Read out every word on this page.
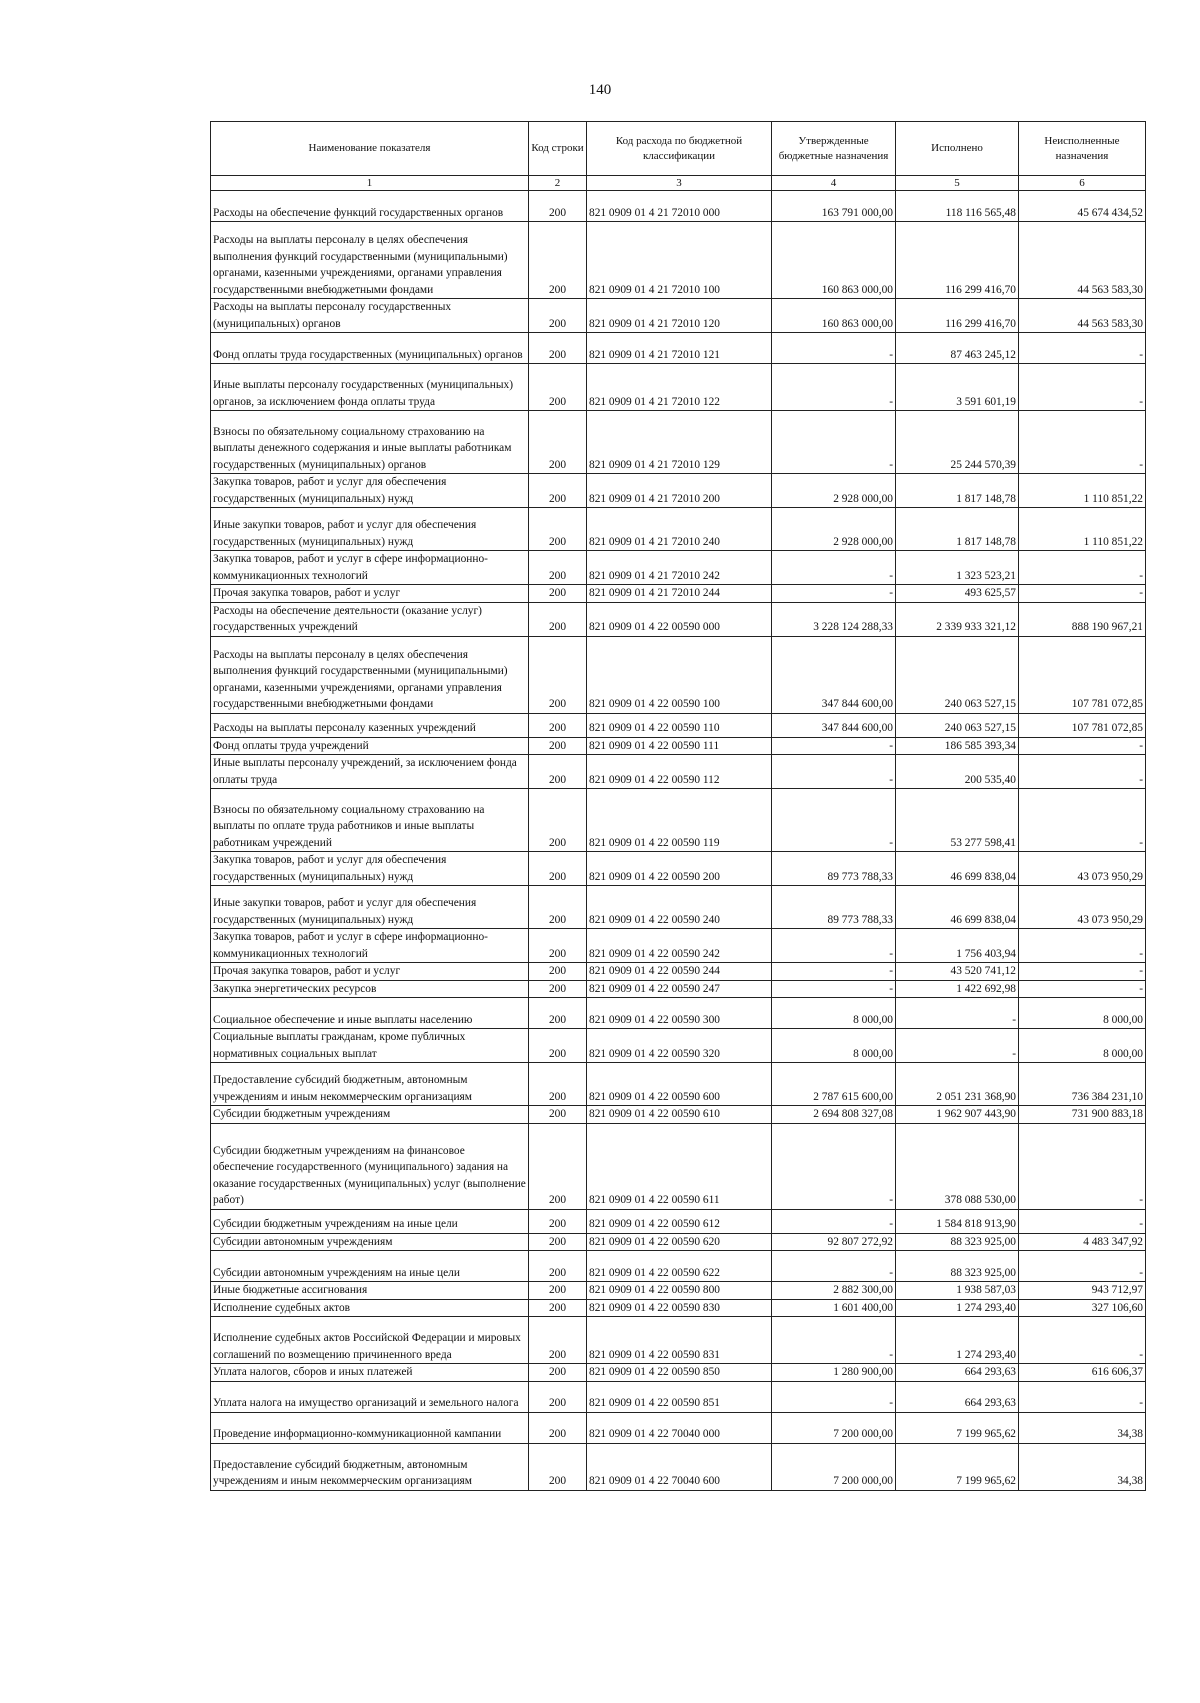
140
Наименование показателя	Код строки	Код расхода по бюджетной классификации	Утвержденные бюджетные назначения	Исполнено	Неисполненные назначения
1	2	3	4	5	6
Расходы на обеспечение функций государственных органов	200	821 0909 01 4 21 72010 000	163 791 000,00	118 116 565,48	45 674 434,52
Расходы на выплаты персоналу в целях обеспечения выполнения функций государственными (муниципальными) органами, казенными учреждениями, органами управления государственными внебюджетными фондами	200	821 0909 01 4 21 72010 100	160 863 000,00	116 299 416,70	44 563 583,30
Расходы на выплаты персоналу государственных (муниципальных) органов	200	821 0909 01 4 21 72010 120	160 863 000,00	116 299 416,70	44 563 583,30
Фонд оплаты труда государственных (муниципальных) органов	200	821 0909 01 4 21 72010 121	-	87 463 245,12	-
Иные выплаты персоналу государственных (муниципальных) органов, за исключением фонда оплаты труда	200	821 0909 01 4 21 72010 122	-	3 591 601,19	-
Взносы по обязательному социальному страхованию на выплаты денежного содержания и иные выплаты работникам государственных (муниципальных) органов	200	821 0909 01 4 21 72010 129	-	25 244 570,39	-
Закупка товаров, работ и услуг для обеспечения государственных (муниципальных) нужд	200	821 0909 01 4 21 72010 200	2 928 000,00	1 817 148,78	1 110 851,22
Иные закупки товаров, работ и услуг для обеспечения государственных (муниципальных) нужд	200	821 0909 01 4 21 72010 240	2 928 000,00	1 817 148,78	1 110 851,22
Закупка товаров, работ и услуг в сфере информационно-коммуникационных технологий	200	821 0909 01 4 21 72010 242	-	1 323 523,21	-
Прочая закупка товаров, работ и услуг	200	821 0909 01 4 21 72010 244	-	493 625,57	-
Расходы на обеспечение деятельности (оказание услуг) государственных учреждений	200	821 0909 01 4 22 00590 000	3 228 124 288,33	2 339 933 321,12	888 190 967,21
Расходы на выплаты персоналу в целях обеспечения выполнения функций государственными (муниципальными) органами, казенными учреждениями, органами управления государственными внебюджетными фондами	200	821 0909 01 4 22 00590 100	347 844 600,00	240 063 527,15	107 781 072,85
Расходы на выплаты персоналу казенных учреждений	200	821 0909 01 4 22 00590 110	347 844 600,00	240 063 527,15	107 781 072,85
Фонд оплаты труда учреждений	200	821 0909 01 4 22 00590 111	-	186 585 393,34	-
Иные выплаты персоналу учреждений, за исключением фонда оплаты труда	200	821 0909 01 4 22 00590 112	-	200 535,40	-
Взносы по обязательному социальному страхованию на выплаты по оплате труда работников и иные выплаты работникам учреждений	200	821 0909 01 4 22 00590 119	-	53 277 598,41	-
Закупка товаров, работ и услуг для обеспечения государственных (муниципальных) нужд	200	821 0909 01 4 22 00590 200	89 773 788,33	46 699 838,04	43 073 950,29
Иные закупки товаров, работ и услуг для обеспечения государственных (муниципальных) нужд	200	821 0909 01 4 22 00590 240	89 773 788,33	46 699 838,04	43 073 950,29
Закупка товаров, работ и услуг в сфере информационно-коммуникационных технологий	200	821 0909 01 4 22 00590 242	-	1 756 403,94	-
Прочая закупка товаров, работ и услуг	200	821 0909 01 4 22 00590 244	-	43 520 741,12	-
Закупка энергетических ресурсов	200	821 0909 01 4 22 00590 247	-	1 422 692,98	-
Социальное обеспечение и иные выплаты населению	200	821 0909 01 4 22 00590 300	8 000,00	-	8 000,00
Социальные выплаты гражданам, кроме публичных нормативных социальных выплат	200	821 0909 01 4 22 00590 320	8 000,00	-	8 000,00
Предоставление субсидий бюджетным, автономным учреждениям и иным некоммерческим организациям	200	821 0909 01 4 22 00590 600	2 787 615 600,00	2 051 231 368,90	736 384 231,10
Субсидии бюджетным учреждениям	200	821 0909 01 4 22 00590 610	2 694 808 327,08	1 962 907 443,90	731 900 883,18
Субсидии бюджетным учреждениям на финансовое обеспечение государственного (муниципального) задания на оказание государственных (муниципальных) услуг (выполнение работ)	200	821 0909 01 4 22 00590 611	-	378 088 530,00	-
Субсидии бюджетным учреждениям на иные цели	200	821 0909 01 4 22 00590 612	-	1 584 818 913,90	-
Субсидии автономным учреждениям	200	821 0909 01 4 22 00590 620	92 807 272,92	88 323 925,00	4 483 347,92
Субсидии автономным учреждениям на иные цели	200	821 0909 01 4 22 00590 622	-	88 323 925,00	-
Иные бюджетные ассигнования	200	821 0909 01 4 22 00590 800	2 882 300,00	1 938 587,03	943 712,97
Исполнение судебных актов	200	821 0909 01 4 22 00590 830	1 601 400,00	1 274 293,40	327 106,60
Исполнение судебных актов Российской Федерации и мировых соглашений по возмещению причиненного вреда	200	821 0909 01 4 22 00590 831	-	1 274 293,40	-
Уплата налогов, сборов и иных платежей	200	821 0909 01 4 22 00590 850	1 280 900,00	664 293,63	616 606,37
Уплата налога на имущество организаций и земельного налога	200	821 0909 01 4 22 00590 851	-	664 293,63	-
Проведение информационно-коммуникационной кампании	200	821 0909 01 4 22 70040 000	7 200 000,00	7 199 965,62	34,38
Предоставление субсидий бюджетным, автономным учреждениям и иным некоммерческим организациям	200	821 0909 01 4 22 70040 600	7 200 000,00	7 199 965,62	34,38
